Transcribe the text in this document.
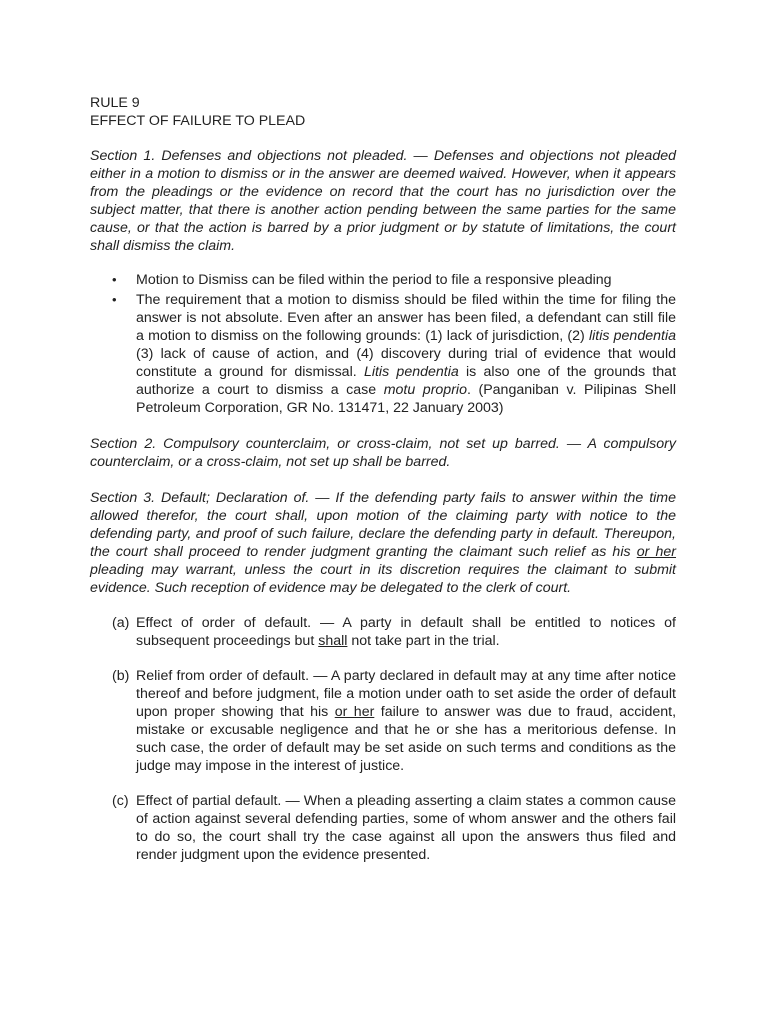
RULE 9

EFFECT OF FAILURE TO PLEAD

Section 1. Defenses and objections not pleaded. — Defenses and objections not pleaded either in a motion to dismiss or in the answer are deemed waived. However, when it appears from the pleadings or the evidence on record that the court has no jurisdiction over the subject matter, that there is another action pending between the same parties for the same cause, or that the action is barred by a prior judgment or by statute of limitations, the court shall dismiss the claim.

• Motion to Dismiss can be filed within the period to file a responsive pleading
• The requirement that a motion to dismiss should be filed within the time for filing the answer is not absolute. Even after an answer has been filed, a defendant can still file a motion to dismiss on the following grounds: (1) lack of jurisdiction, (2) litis pendentia (3) lack of cause of action, and (4) discovery during trial of evidence that would constitute a ground for dismissal. Litis pendentia is also one of the grounds that authorize a court to dismiss a case motu proprio. (Panganiban v. Pilipinas Shell Petroleum Corporation, GR No. 131471, 22 January 2003)

Section 2. Compulsory counterclaim, or cross-claim, not set up barred. — A compulsory counterclaim, or a cross-claim, not set up shall be barred.

Section 3. Default; Declaration of. — If the defending party fails to answer within the time allowed therefor, the court shall, upon motion of the claiming party with notice to the defending party, and proof of such failure, declare the defending party in default. Thereupon, the court shall proceed to render judgment granting the claimant such relief as his or her pleading may warrant, unless the court in its discretion requires the claimant to submit evidence. Such reception of evidence may be delegated to the clerk of court.

(a) Effect of order of default. — A party in default shall be entitled to notices of subsequent proceedings but shall not take part in the trial.
(b) Relief from order of default. — A party declared in default may at any time after notice thereof and before judgment, file a motion under oath to set aside the order of default upon proper showing that his or her failure to answer was due to fraud, accident, mistake or excusable negligence and that he or she has a meritorious defense. In such case, the order of default may be set aside on such terms and conditions as the judge may impose in the interest of justice.
(c) Effect of partial default. — When a pleading asserting a claim states a common cause of action against several defending parties, some of whom answer and the others fail to do so, the court shall try the case against all upon the answers thus filed and render judgment upon the evidence presented.
